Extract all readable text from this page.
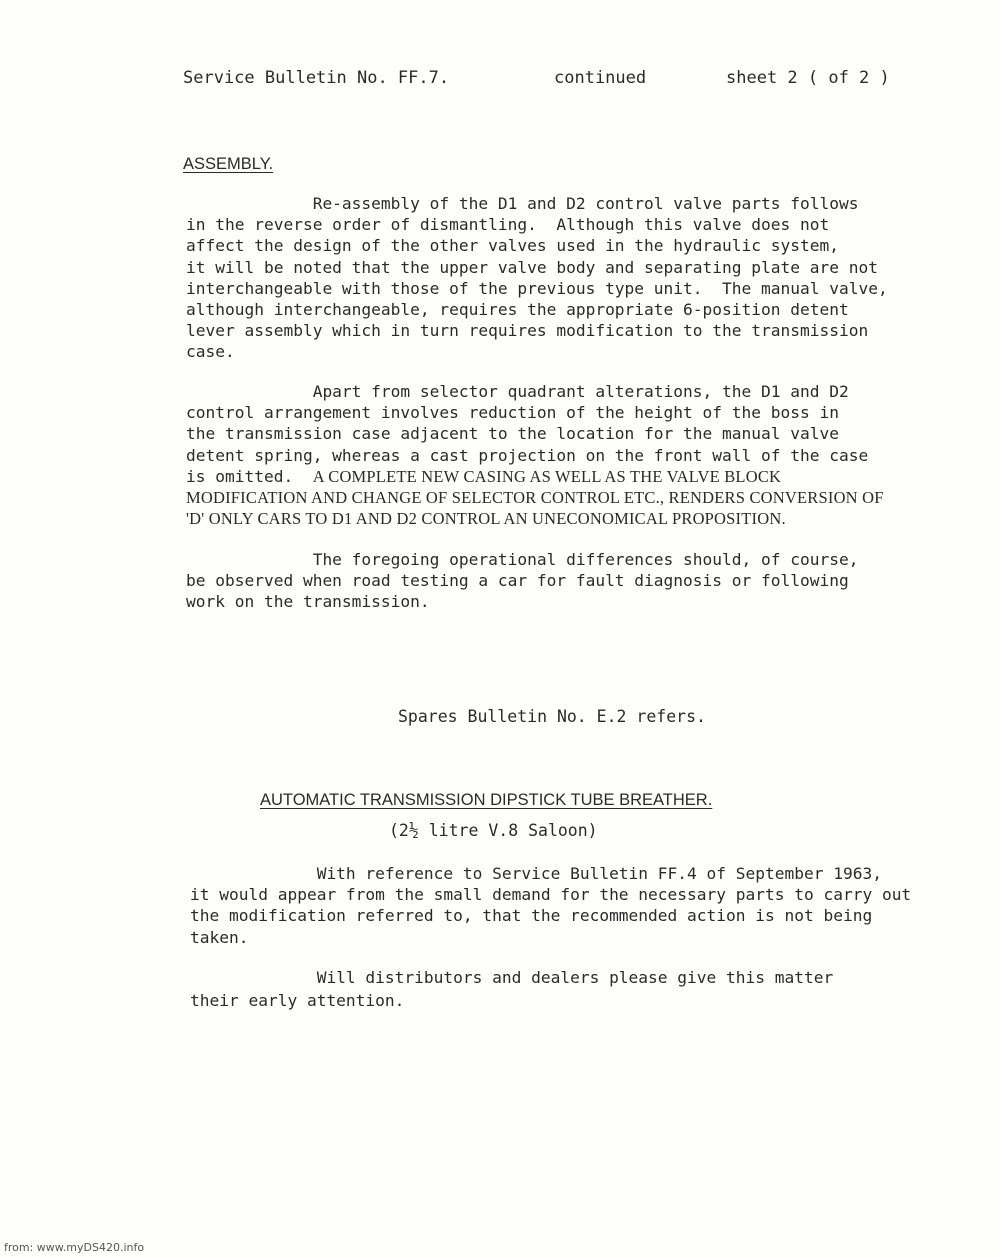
Service Bulletin No. FF.7.	continued	sheet 2 ( of 2 )
ASSEMBLY.
Re-assembly of the D1 and D2 control valve parts follows
in the reverse order of dismantling.  Although this valve does not
affect the design of the other valves used in the hydraulic system,
it will be noted that the upper valve body and separating plate are not
interchangeable with those of the previous type unit.  The manual valve,
although interchangeable, requires the appropriate 6-position detent
lever assembly which in turn requires modification to the transmission
case.
Apart from selector quadrant alterations, the D1 and D2
control arrangement involves reduction of the height of the boss in
the transmission case adjacent to the location for the manual valve
detent spring, whereas a cast projection on the front wall of the case
is omitted. A COMPLETE NEW CASING AS WELL AS THE VALVE BLOCK
MODIFICATION AND CHANGE OF SELECTOR CONTROL ETC., RENDERS CONVERSION OF
'D' ONLY CARS TO D1 AND D2 CONTROL AN UNECONOMICAL PROPOSITION.
The foregoing operational differences should, of course,
be observed when road testing a car for fault diagnosis or following
work on the transmission.
Spares Bulletin No. E.2 refers.
AUTOMATIC TRANSMISSION DIPSTICK TUBE BREATHER.
(2½ litre V.8 Saloon)
With reference to Service Bulletin FF.4 of September 1963,
it would appear from the small demand for the necessary parts to carry out
the modification referred to, that the recommended action is not being
taken.
Will distributors and dealers please give this matter
their early attention.
from: www.myDS420.info
